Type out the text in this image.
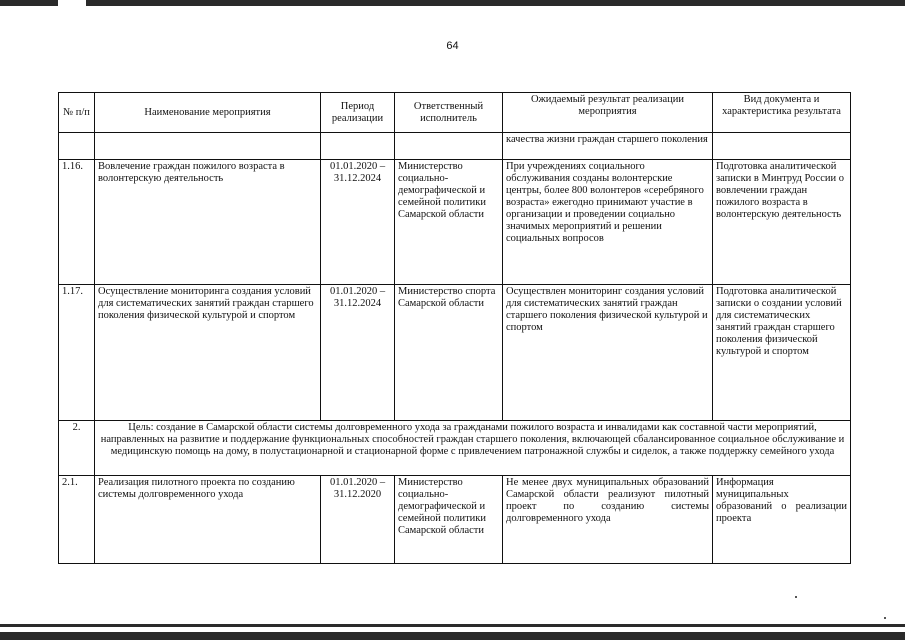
64
№ п/п	Наименование мероприятия	Период реализации	Ответственный исполнитель	Ожидаемый результат реализации мероприятия	Вид документа и характеристика результата
				качества жизни граждан старшего поколения	
1.16.	Вовлечение граждан пожилого возраста в волонтерскую деятельность	01.01.2020 – 31.12.2024	Министерство социально-демографической и семейной политики Самарской области	При учреждениях социального обслуживания созданы волонтерские центры, более 800 волонтеров «серебряного возраста» ежегодно принимают участие в организации и проведении социально значимых мероприятий и решении социальных вопросов	Подготовка аналитической записки в Минтруд России о вовлечении граждан пожилого возраста в волонтерскую деятельность
1.17.	Осуществление мониторинга создания условий для систематических занятий граждан старшего поколения физической культурой и спортом	01.01.2020 – 31.12.2024	Министерство спорта Самарской области	Осуществлен мониторинг создания условий для систематических занятий граждан старшего поколения физической культурой и спортом	Подготовка аналитической записки о создании условий для систематических занятий граждан старшего поколения физической культурой и спортом
2.	Цель: создание в Самарской области системы долговременного ухода за гражданами пожилого возраста и инвалидами как составной части мероприятий, направленных на развитие и поддержание функциональных способностей граждан старшего поколения, включающей сбалансированное социальное обслуживание и медицинскую помощь на дому, в полустационарной и стационарной форме с привлечением патронажной службы и сиделок, а также поддержку семейного ухода				
2.1.	Реализация пилотного проекта по созданию системы долговременного ухода	01.01.2020 – 31.12.2020	Министерство социально-демографической и семейной политики Самарской области	Не менее двух муниципальных образований Самарской области реализуют пилотный проект по созданию системы долговременного ухода	Информация муниципальных образований о реализации проекта
